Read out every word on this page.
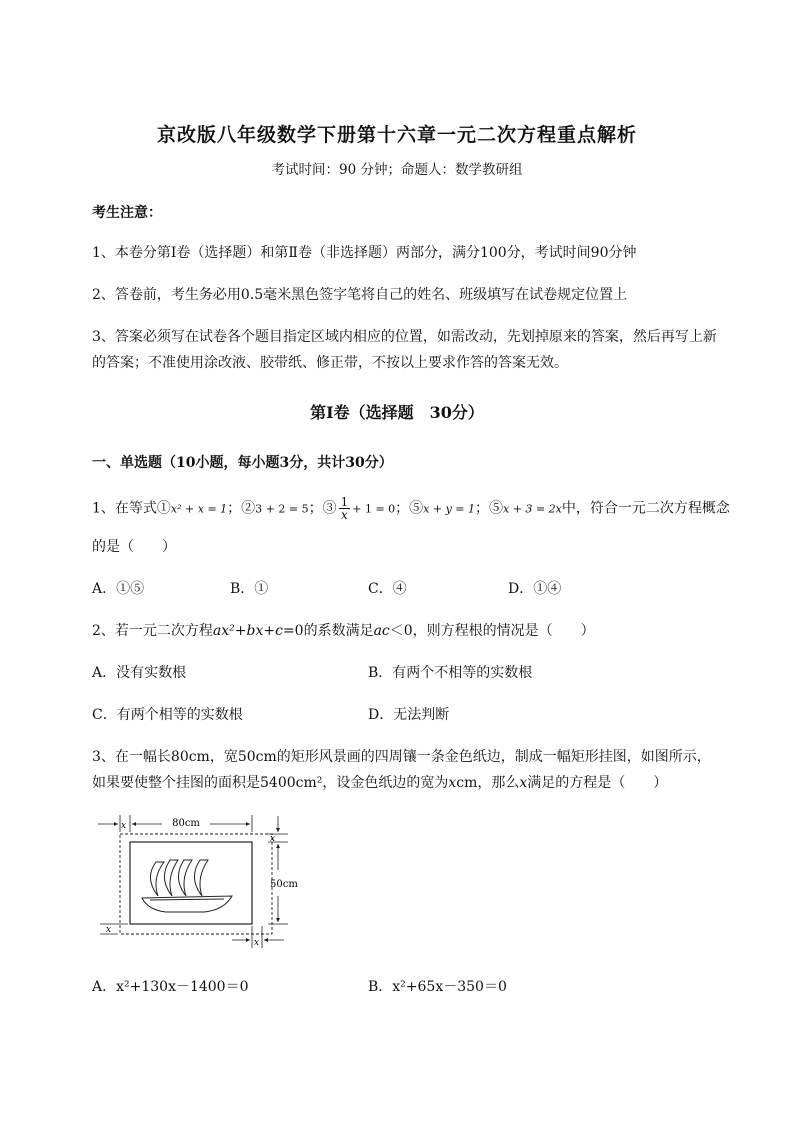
京改版八年级数学下册第十六章一元二次方程重点解析
考试时间：90 分钟；命题人：数学教研组
考生注意：
1、本卷分第Ⅰ卷（选择题）和第Ⅱ卷（非选择题）两部分，满分100分，考试时间90分钟
2、答卷前，考生务必用0.5毫米黑色签字笔将自己的姓名、班级填写在试卷规定位置上
3、答案必须写在试卷各个题目指定区域内相应的位置，如需改动，先划掉原来的答案，然后再写上新
的答案；不准使用涂改液、胶带纸、修正带，不按以上要求作答的答案无效。
第Ⅰ卷（选择题　30分）
一、单选题（10小题，每小题3分，共计30分）
1、在等式①x² + x = 1；②3 + 2 = 5；③ $\frac{1}{x} + 1 = 0$；⑤x + y = 1；⑤x + 3 = 2x中，符合一元二次方程概念
的是（　　）
A．①⑤	B．①	C．④	D．①④
2、若一元二次方程ax²+bx+c=0的系数满足ac＜0，则方程根的情况是（　　）
A．没有实数根	B．有两个不相等的实数根
C．有两个相等的实数根	D．无法判断
3、在一幅长80cm，宽50cm的矩形风景画的四周镶一条金色纸边，制成一幅矩形挂图，如图所示，
如果要使整个挂图的面积是5400cm²，设金色纸边的宽为xcm，那么x满足的方程是（　　）
80cm
x
50cm
x
x
x
A．x²+130x－1400＝0	B．x²+65x－350＝0
